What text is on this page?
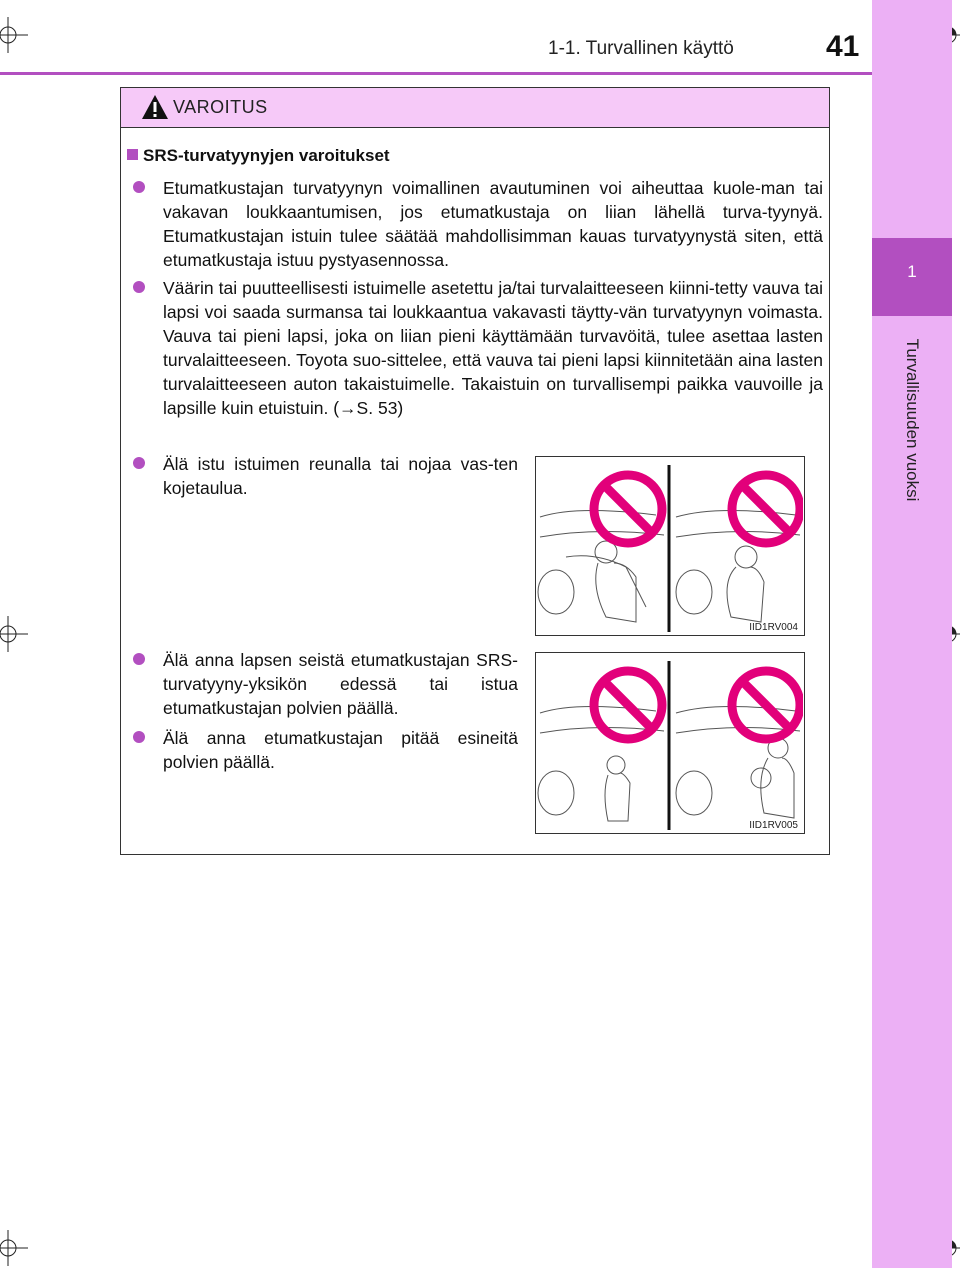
1-1. Turvallinen käyttö	41
1
Turvallisuuden vuoksi
VAROITUS
SRS-turvatyynyjen varoitukset
Etumatkustajan turvatyynyn voimallinen avautuminen voi aiheuttaa kuole-man tai vakavan loukkaantumisen, jos etumatkustaja on liian lähellä turva-tyynyä. Etumatkustajan istuin tulee säätää mahdollisimman kauas turvatyynystä siten, että etumatkustaja istuu pystyasennossa.
Väärin tai puutteellisesti istuimelle asetettu ja/tai turvalaitteeseen kiinni-tetty vauva tai lapsi voi saada surmansa tai loukkaantua vakavasti täytty-vän turvatyynyn voimasta. Vauva tai pieni lapsi, joka on liian pieni käyttämään turvavöitä, tulee asettaa lasten turvalaitteeseen. Toyota suo-sittelee, että vauva tai pieni lapsi kiinnitetään aina lasten turvalaitteeseen auton takaistuimelle. Takaistuin on turvallisempi paikka vauvoille ja lapsille kuin etuistuin. (→S. 53)
Älä istu istuimen reunalla tai nojaa vas-ten kojetaulua.
Älä anna lapsen seistä etumatkustajan SRS-turvatyyny-yksikön edessä tai istua etumatkustajan polvien päällä.
Älä anna etumatkustajan pitää esineitä polvien päällä.
IID1RV004
IID1RV005
